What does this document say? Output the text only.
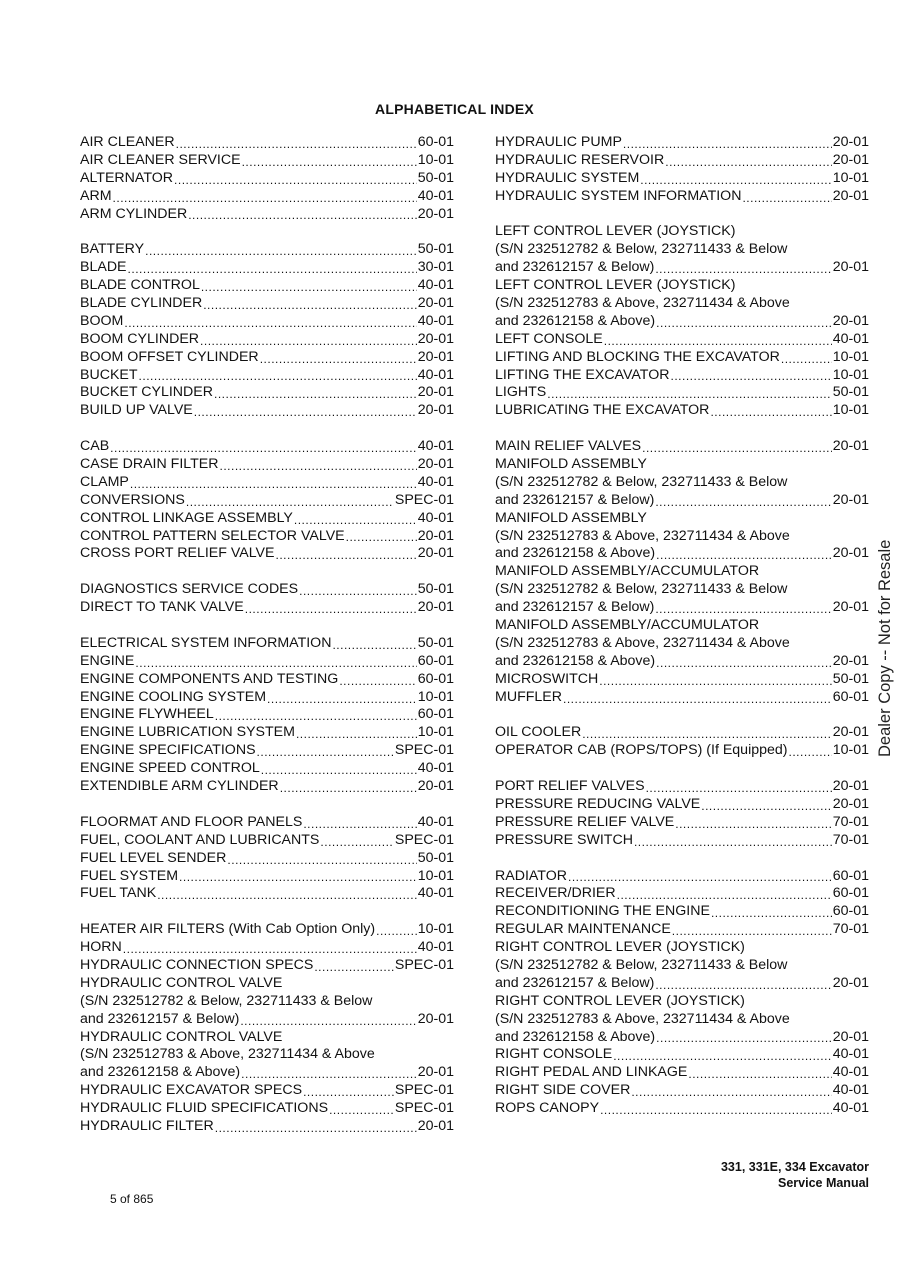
ALPHABETICAL INDEX
AIR CLEANER .....	60-01
AIR CLEANER SERVICE .....	10-01
ALTERNATOR .....	50-01
ARM .....	40-01
ARM CYLINDER .....	20-01
BATTERY .....	50-01
BLADE .....	30-01
BLADE CONTROL .....	40-01
BLADE CYLINDER .....	20-01
BOOM .....	40-01
BOOM CYLINDER .....	20-01
BOOM OFFSET CYLINDER .....	20-01
BUCKET .....	40-01
BUCKET CYLINDER .....	20-01
BUILD UP VALVE .....	20-01
CAB .....	40-01
CASE DRAIN FILTER .....	20-01
CLAMP .....	40-01
CONVERSIONS .....	SPEC-01
CONTROL LINKAGE ASSEMBLY .....	40-01
CONTROL PATTERN SELECTOR VALVE .....	20-01
CROSS PORT RELIEF VALVE .....	20-01
DIAGNOSTICS SERVICE CODES .....	50-01
DIRECT TO TANK VALVE .....	20-01
ELECTRICAL SYSTEM INFORMATION .....	50-01
ENGINE .....	60-01
ENGINE COMPONENTS AND TESTING .....	60-01
ENGINE COOLING SYSTEM .....	10-01
ENGINE FLYWHEEL .....	60-01
ENGINE LUBRICATION SYSTEM .....	10-01
ENGINE SPECIFICATIONS .....	SPEC-01
ENGINE SPEED CONTROL .....	40-01
EXTENDIBLE ARM CYLINDER .....	20-01
FLOORMAT AND FLOOR PANELS .....	40-01
FUEL, COOLANT AND LUBRICANTS .....	SPEC-01
FUEL LEVEL SENDER .....	50-01
FUEL SYSTEM .....	10-01
FUEL TANK .....	40-01
HEATER AIR FILTERS (With Cab Option Only) .....	10-01
HORN .....	40-01
HYDRAULIC CONNECTION SPECS .....	SPEC-01
HYDRAULIC CONTROL VALVE
(S/N 232512782 & Below, 232711433 & Below
and 232612157 & Below) .....	20-01
HYDRAULIC CONTROL VALVE
(S/N 232512783 & Above, 232711434 & Above
and 232612158 & Above) .....	20-01
HYDRAULIC EXCAVATOR SPECS .....	SPEC-01
HYDRAULIC FLUID SPECIFICATIONS .....	SPEC-01
HYDRAULIC FILTER .....	20-01
HYDRAULIC PUMP .....	20-01
HYDRAULIC RESERVOIR .....	20-01
HYDRAULIC SYSTEM .....	10-01
HYDRAULIC SYSTEM INFORMATION .....	20-01
LEFT CONTROL LEVER (JOYSTICK)
(S/N 232512782 & Below, 232711433 & Below
and 232612157 & Below) .....	20-01
LEFT CONTROL LEVER (JOYSTICK)
(S/N 232512783 & Above, 232711434 & Above
and 232612158 & Above) .....	20-01
LEFT CONSOLE .....	40-01
LIFTING AND BLOCKING THE EXCAVATOR .....	10-01
LIFTING THE EXCAVATOR .....	10-01
LIGHTS .....	50-01
LUBRICATING THE EXCAVATOR .....	10-01
MAIN RELIEF VALVES .....	20-01
MANIFOLD ASSEMBLY
(S/N 232512782 & Below, 232711433 & Below
and 232612157 & Below) .....	20-01
MANIFOLD ASSEMBLY
(S/N 232512783 & Above, 232711434 & Above
and 232612158 & Above) .....	20-01
MANIFOLD ASSEMBLY/ACCUMULATOR
(S/N 232512782 & Below, 232711433 & Below
and 232612157 & Below) .....	20-01
MANIFOLD ASSEMBLY/ACCUMULATOR
(S/N 232512783 & Above, 232711434 & Above
and 232612158 & Above) .....	20-01
MICROSWITCH .....	50-01
MUFFLER .....	60-01
OIL COOLER .....	20-01
OPERATOR CAB (ROPS/TOPS) (If Equipped) .....	10-01
PORT RELIEF VALVES .....	20-01
PRESSURE REDUCING VALVE .....	20-01
PRESSURE RELIEF VALVE .....	70-01
PRESSURE SWITCH .....	70-01
RADIATOR .....	60-01
RECEIVER/DRIER .....	60-01
RECONDITIONING THE ENGINE .....	60-01
REGULAR MAINTENANCE .....	70-01
RIGHT CONTROL LEVER (JOYSTICK)
(S/N 232512782 & Below, 232711433 & Below
and 232612157 & Below) .....	20-01
RIGHT CONTROL LEVER (JOYSTICK)
(S/N 232512783 & Above, 232711434 & Above
and 232612158 & Above) .....	20-01
RIGHT CONSOLE .....	40-01
RIGHT PEDAL AND LINKAGE .....	40-01
RIGHT SIDE COVER .....	40-01
ROPS CANOPY .....	40-01
331, 331E, 334 Excavator
Service Manual
5 of 865
Dealer Copy -- Not for Resale
